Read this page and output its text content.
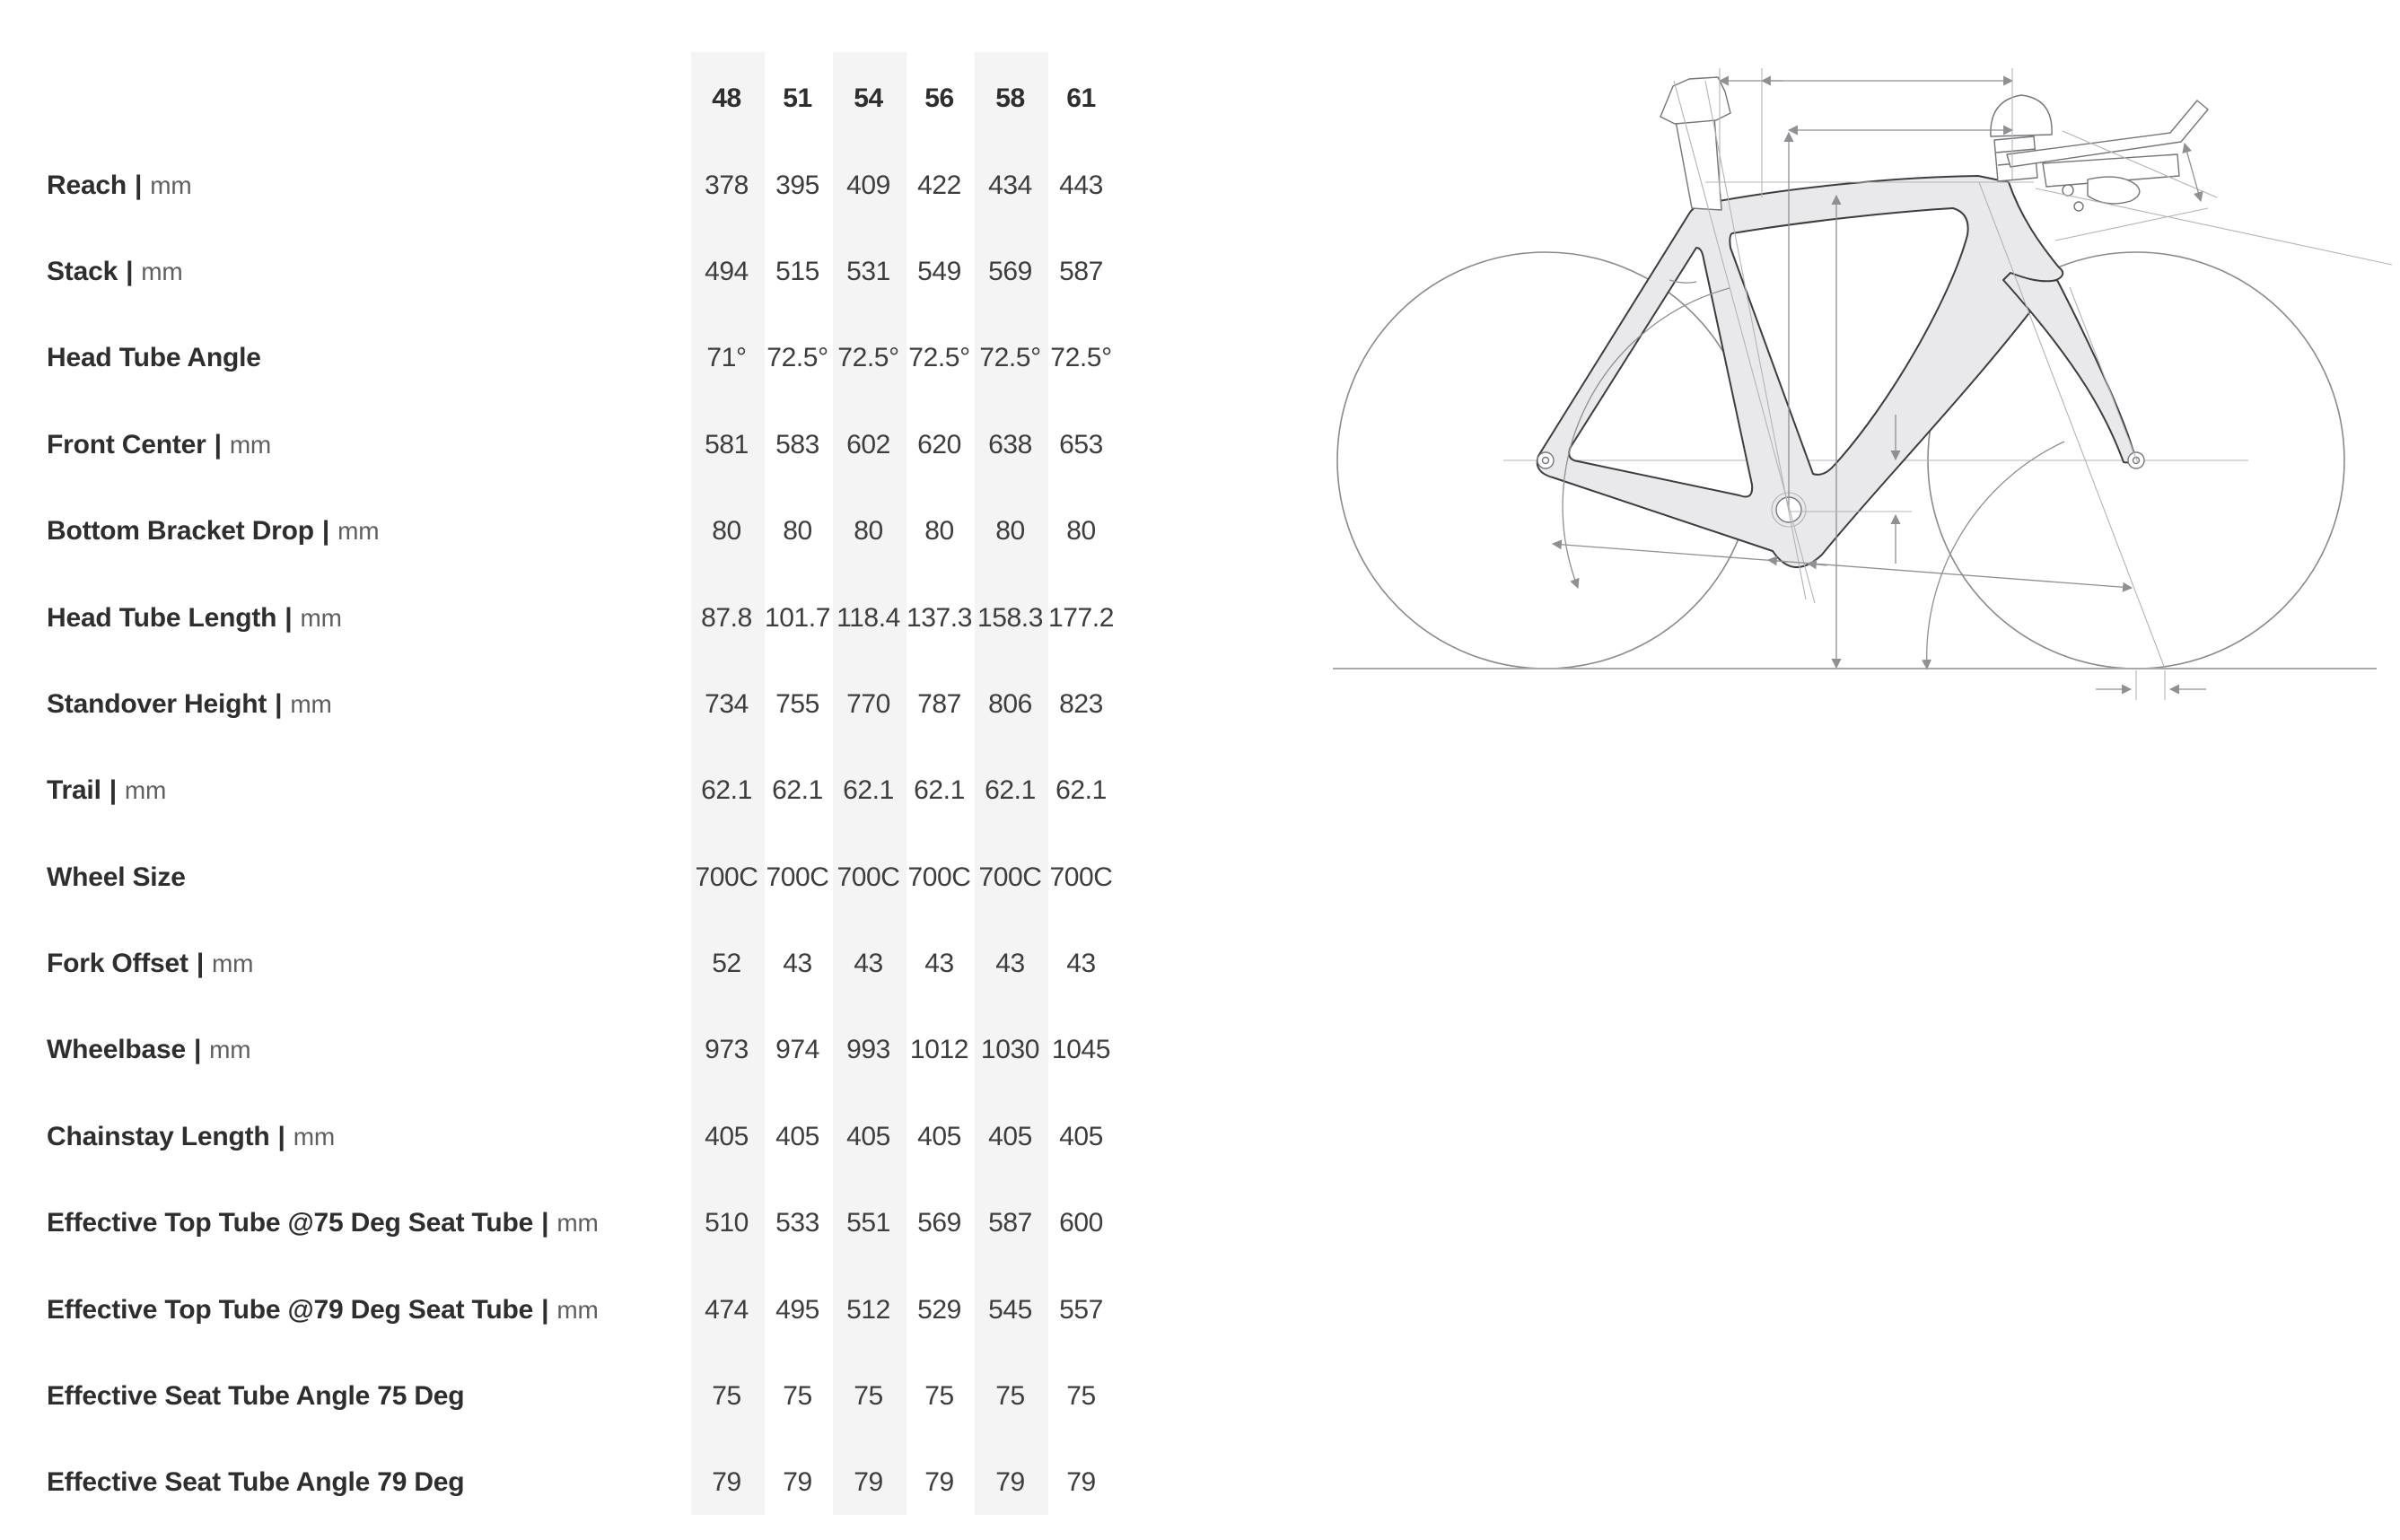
48	51	54	56	58	61
Reach | mm	378	395	409	422	434	443
Stack | mm	494	515	531	549	569	587
Head Tube Angle	71° 72.5° 72.5° 72.5° 72.5° 72.5°
Front Center | mm	581	583	602	620	638	653
Bottom Bracket Drop | mm	80	80	80	80	80	80
Head Tube Length | mm	87.8 101.7 118.4 137.3 158.3 177.2
Standover Height | mm	734	755	770	787	806	823
Trail | mm	62.1 62.1 62.1 62.1 62.1 62.1
Wheel Size	700C 700C 700C 700C 700C 700C
Fork Offset | mm	52	43	43	43	43	43
Wheelbase | mm	973	974	993 1012 1030 1045
Chainstay Length | mm	405	405	405	405	405	405
Effective Top Tube @75 Deg Seat Tube | mm	510	533	551	569	587	600
Effective Top Tube @79 Deg Seat Tube | mm	474	495	512	529	545	557
Effective Seat Tube Angle 75 Deg	75	75	75	75	75	75
Effective Seat Tube Angle 79 Deg	79	79	79	79	79	79
